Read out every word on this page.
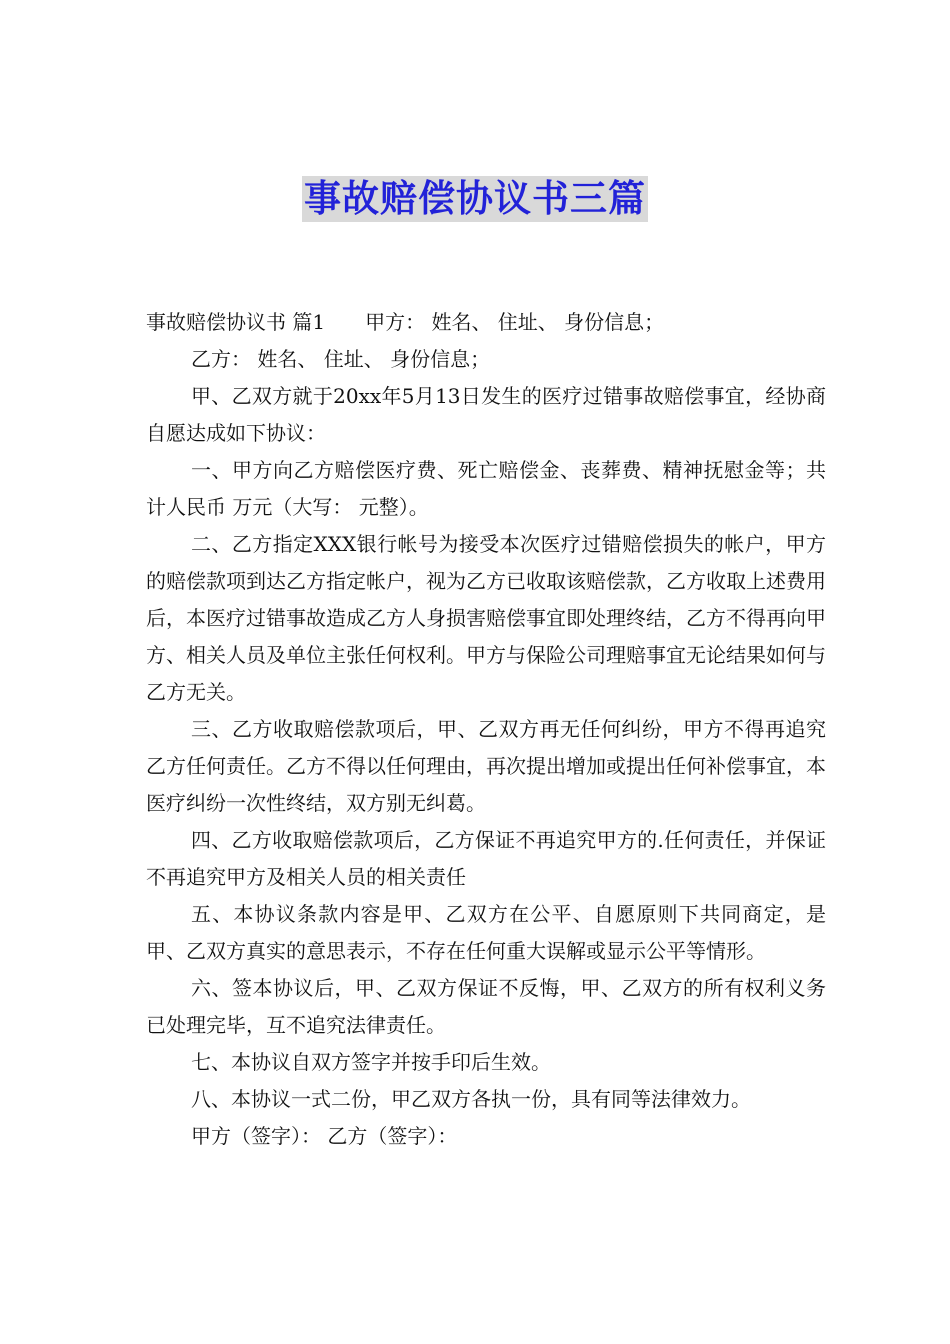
事故赔偿协议书三篇

事故赔偿协议书 篇1 甲方： 姓名、 住址、 身份信息；

乙方： 姓名、 住址、 身份信息；

甲、乙双方就于20xx年5月13日发生的医疗过错事故赔偿事宜，经协商自愿达成如下协议：

一、甲方向乙方赔偿医疗费、死亡赔偿金、丧葬费、精神抚慰金等；共计人民币 万元（大写： 元整）。

二、乙方指定XXX银行帐号为接受本次医疗过错赔偿损失的帐户，甲方的赔偿款项到达乙方指定帐户，视为乙方已收取该赔偿款，乙方收取上述费用后，本医疗过错事故造成乙方人身损害赔偿事宜即处理终结，乙方不得再向甲方、相关人员及单位主张任何权利。甲方与保险公司理赔事宜无论结果如何与乙方无关。

三、乙方收取赔偿款项后，甲、乙双方再无任何纠纷，甲方不得再追究乙方任何责任。乙方不得以任何理由，再次提出增加或提出任何补偿事宜，本医疗纠纷一次性终结，双方别无纠葛。

四、乙方收取赔偿款项后，乙方保证不再追究甲方的.任何责任，并保证不再追究甲方及相关人员的相关责任

五、本协议条款内容是甲、乙双方在公平、自愿原则下共同商定，是甲、乙双方真实的意思表示，不存在任何重大误解或显示公平等情形。

六、签本协议后，甲、乙双方保证不反悔，甲、乙双方的所有权利义务已处理完毕，互不追究法律责任。

七、本协议自双方签字并按手印后生效。

八、本协议一式二份，甲乙双方各执一份，具有同等法律效力。

甲方（签字）： 乙方（签字）：
